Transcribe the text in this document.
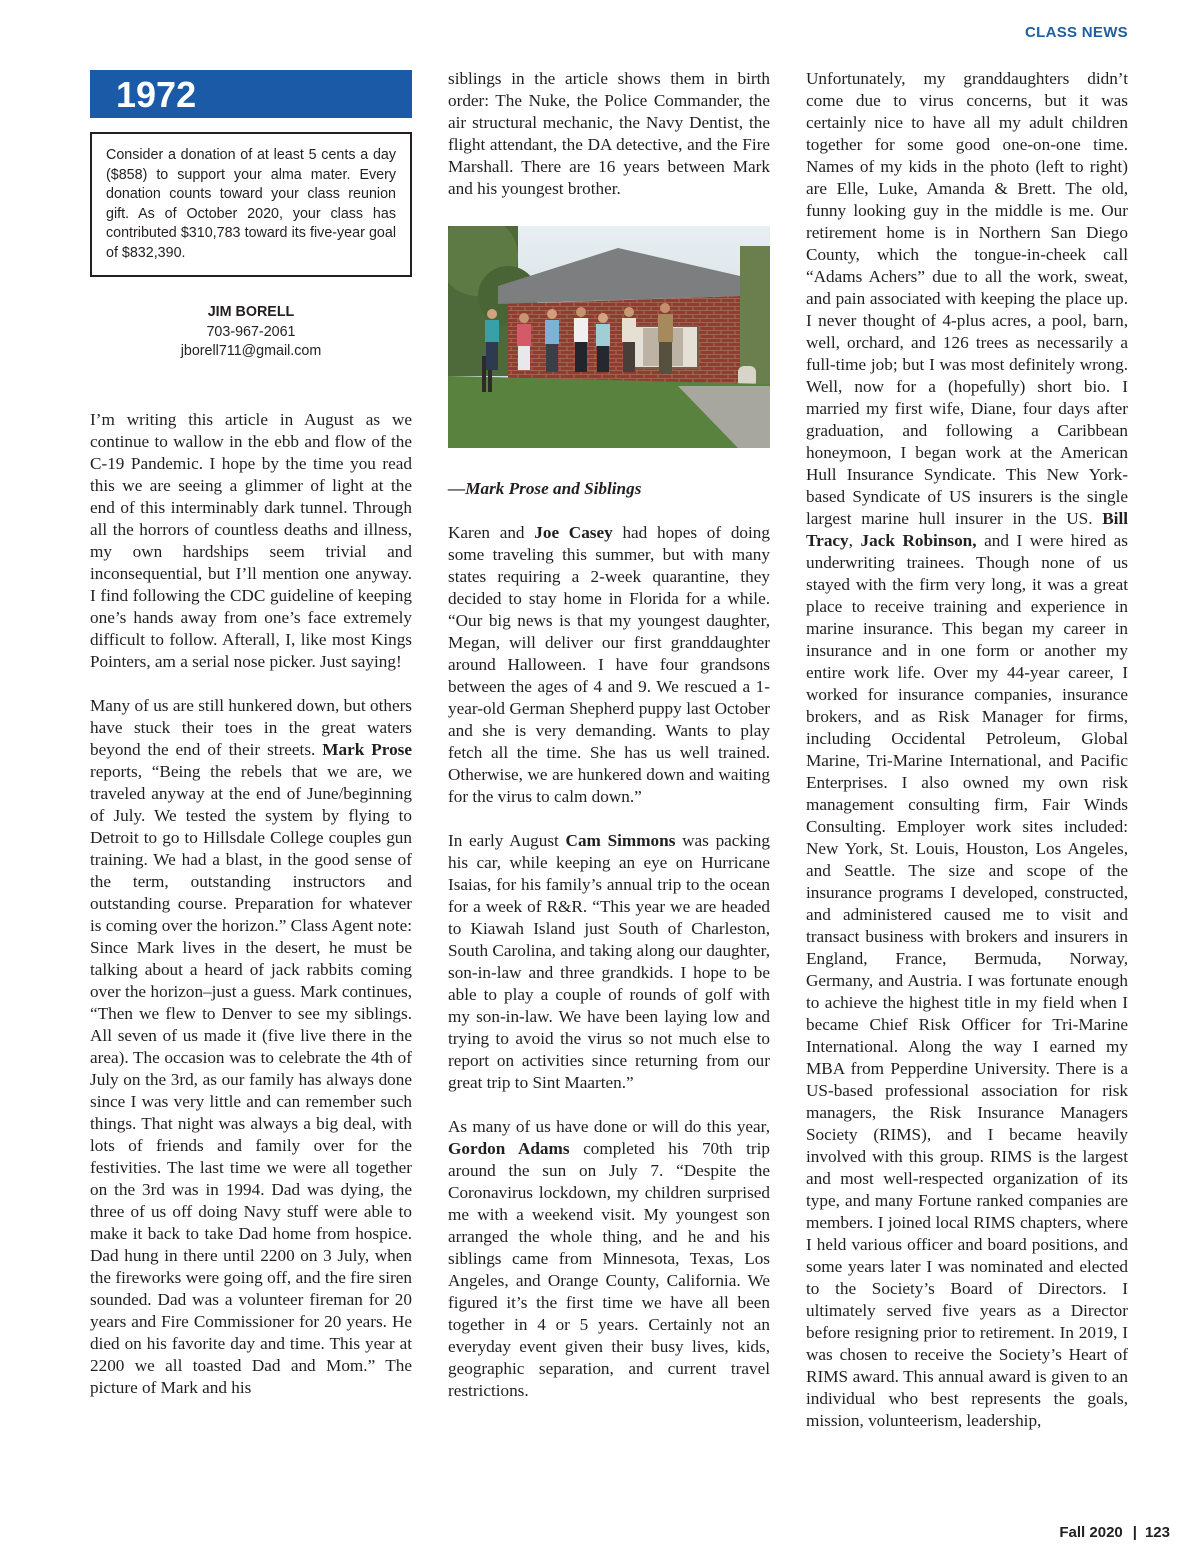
CLASS NEWS
1972
Consider a donation of at least 5 cents a day ($858) to support your alma mater. Every donation counts toward your class reunion gift. As of October 2020, your class has contributed $310,783 toward its five-year goal of $832,390.
JIM BORELL
703-967-2061
jborell711@gmail.com

I’m writing this article in August as we continue to wallow in the ebb and flow of the C-19 Pandemic. I hope by the time you read this we are seeing a glimmer of light at the end of this interminably dark tunnel. Through all the horrors of countless deaths and illness, my own hardships seem trivial and inconsequential, but I’ll mention one anyway. I find following the CDC guideline of keeping one’s hands away from one’s face extremely difficult to follow. Afterall, I, like most Kings Pointers, am a serial nose picker. Just saying!

Many of us are still hunkered down, but others have stuck their toes in the great waters beyond the end of their streets. Mark Prose reports, “Being the rebels that we are, we traveled anyway at the end of June/beginning of July. We tested the system by flying to Detroit to go to Hillsdale College couples gun training. We had a blast, in the good sense of the term, outstanding instructors and outstanding course. Preparation for whatever is coming over the horizon.” Class Agent note: Since Mark lives in the desert, he must be talking about a heard of jack rabbits coming over the horizon–just a guess. Mark continues, “Then we flew to Denver to see my siblings. All seven of us made it (five live there in the area). The occasion was to celebrate the 4th of July on the 3rd, as our family has always done since I was very little and can remember such things. That night was always a big deal, with lots of friends and family over for the festivities. The last time we were all together on the 3rd was in 1994. Dad was dying, the three of us off doing Navy stuff were able to make it back to take Dad home from hospice. Dad hung in there until 2200 on 3 July, when the fireworks were going off, and the fire siren sounded. Dad was a volunteer fireman for 20 years and Fire Commissioner for 20 years. He died on his favorite day and time. This year at 2200 we all toasted Dad and Mom.” The picture of Mark and his

siblings in the article shows them in birth order: The Nuke, the Police Commander, the air structural mechanic, the Navy Dentist, the flight attendant, the DA detective, and the Fire Marshall. There are 16 years between Mark and his youngest brother.

—Mark Prose and Siblings

Karen and Joe Casey had hopes of doing some traveling this summer, but with many states requiring a 2-week quarantine, they decided to stay home in Florida for a while. “Our big news is that my youngest daughter, Megan, will deliver our first granddaughter around Halloween. I have four grandsons between the ages of 4 and 9. We rescued a 1-year-old German Shepherd puppy last October and she is very demanding. Wants to play fetch all the time. She has us well trained. Otherwise, we are hunkered down and waiting for the virus to calm down.”

In early August Cam Simmons was packing his car, while keeping an eye on Hurricane Isaias, for his family’s annual trip to the ocean for a week of R&R. “This year we are headed to Kiawah Island just South of Charleston, South Carolina, and taking along our daughter, son-in-law and three grandkids. I hope to be able to play a couple of rounds of golf with my son-in-law. We have been laying low and trying to avoid the virus so not much else to report on activities since returning from our great trip to Sint Maarten.”

As many of us have done or will do this year, Gordon Adams completed his 70th trip around the sun on July 7. “Despite the Coronavirus lockdown, my children surprised me with a weekend visit. My youngest son arranged the whole thing, and he and his siblings came from Minnesota, Texas, Los Angeles, and Orange County, California. We figured it’s the first time we have all been together in 4 or 5 years. Certainly not an everyday event given their busy lives, kids, geographic separation, and current travel restrictions.

Unfortunately, my granddaughters didn’t come due to virus concerns, but it was certainly nice to have all my adult children together for some good one-on-one time. Names of my kids in the photo (left to right) are Elle, Luke, Amanda & Brett. The old, funny looking guy in the middle is me. Our retirement home is in Northern San Diego County, which the tongue-in-cheek call “Adams Achers” due to all the work, sweat, and pain associated with keeping the place up. I never thought of 4-plus acres, a pool, barn, well, orchard, and 126 trees as necessarily a full-time job; but I was most definitely wrong. Well, now for a (hopefully) short bio. I married my first wife, Diane, four days after graduation, and following a Caribbean honeymoon, I began work at the American Hull Insurance Syndicate. This New York-based Syndicate of US insurers is the single largest marine hull insurer in the US. Bill Tracy, Jack Robinson, and I were hired as underwriting trainees. Though none of us stayed with the firm very long, it was a great place to receive training and experience in marine insurance. This began my career in insurance and in one form or another my entire work life. Over my 44-year career, I worked for insurance companies, insurance brokers, and as Risk Manager for firms, including Occidental Petroleum, Global Marine, Tri-Marine International, and Pacific Enterprises. I also owned my own risk management consulting firm, Fair Winds Consulting. Employer work sites included: New York, St. Louis, Houston, Los Angeles, and Seattle. The size and scope of the insurance programs I developed, constructed, and administered caused me to visit and transact business with brokers and insurers in England, France, Bermuda, Norway, Germany, and Austria. I was fortunate enough to achieve the highest title in my field when I became Chief Risk Officer for Tri-Marine International. Along the way I earned my MBA from Pepperdine University. There is a US-based professional association for risk managers, the Risk Insurance Managers Society (RIMS), and I became heavily involved with this group. RIMS is the largest and most well-respected organization of its type, and many Fortune ranked companies are members. I joined local RIMS chapters, where I held various officer and board positions, and some years later I was nominated and elected to the Society’s Board of Directors. I ultimately served five years as a Director before resigning prior to retirement. In 2019, I was chosen to receive the Society’s Heart of RIMS award. This annual award is given to an individual who best represents the goals, mission, volunteerism, leadership,

Fall 2020 | 123
